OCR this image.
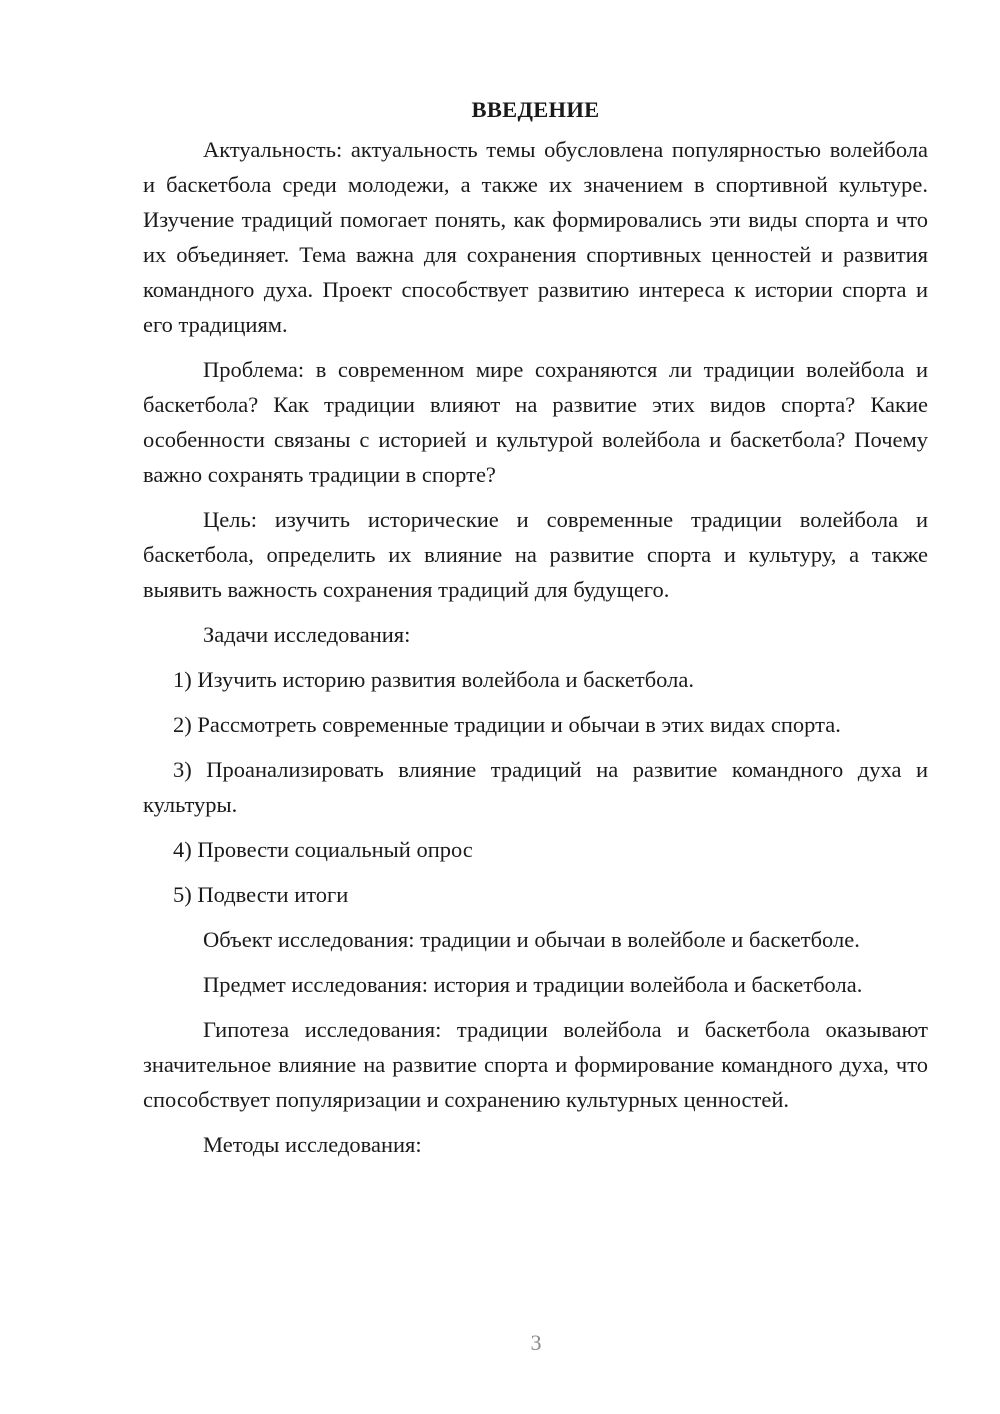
ВВЕДЕНИЕ

Актуальность: актуальность темы обусловлена популярностью волейбола и баскетбола среди молодежи, а также их значением в спортивной культуре. Изучение традиций помогает понять, как формировались эти виды спорта и что их объединяет. Тема важна для сохранения спортивных ценностей и развития командного духа. Проект способствует развитию интереса к истории спорта и его традициям.

Проблема: в современном мире сохраняются ли традиции волейбола и баскетбола? Как традиции влияют на развитие этих видов спорта? Какие особенности связаны с историей и культурой волейбола и баскетбола? Почему важно сохранять традиции в спорте?

Цель: изучить исторические и современные традиции волейбола и баскетбола, определить их влияние на развитие спорта и культуру, а также выявить важность сохранения традиций для будущего.

Задачи исследования:

1) Изучить историю развития волейбола и баскетбола.

2) Рассмотреть современные традиции и обычаи в этих видах спорта.

3) Проанализировать влияние традиций на развитие командного духа и культуры.

4) Провести социальный опрос

5) Подвести итоги

Объект исследования: традиции и обычаи в волейболе и баскетболе.

Предмет исследования: история и традиции волейбола и баскетбола.

Гипотеза исследования: традиции волейбола и баскетбола оказывают значительное влияние на развитие спорта и формирование командного духа, что способствует популяризации и сохранению культурных ценностей.

Методы исследования:

3
